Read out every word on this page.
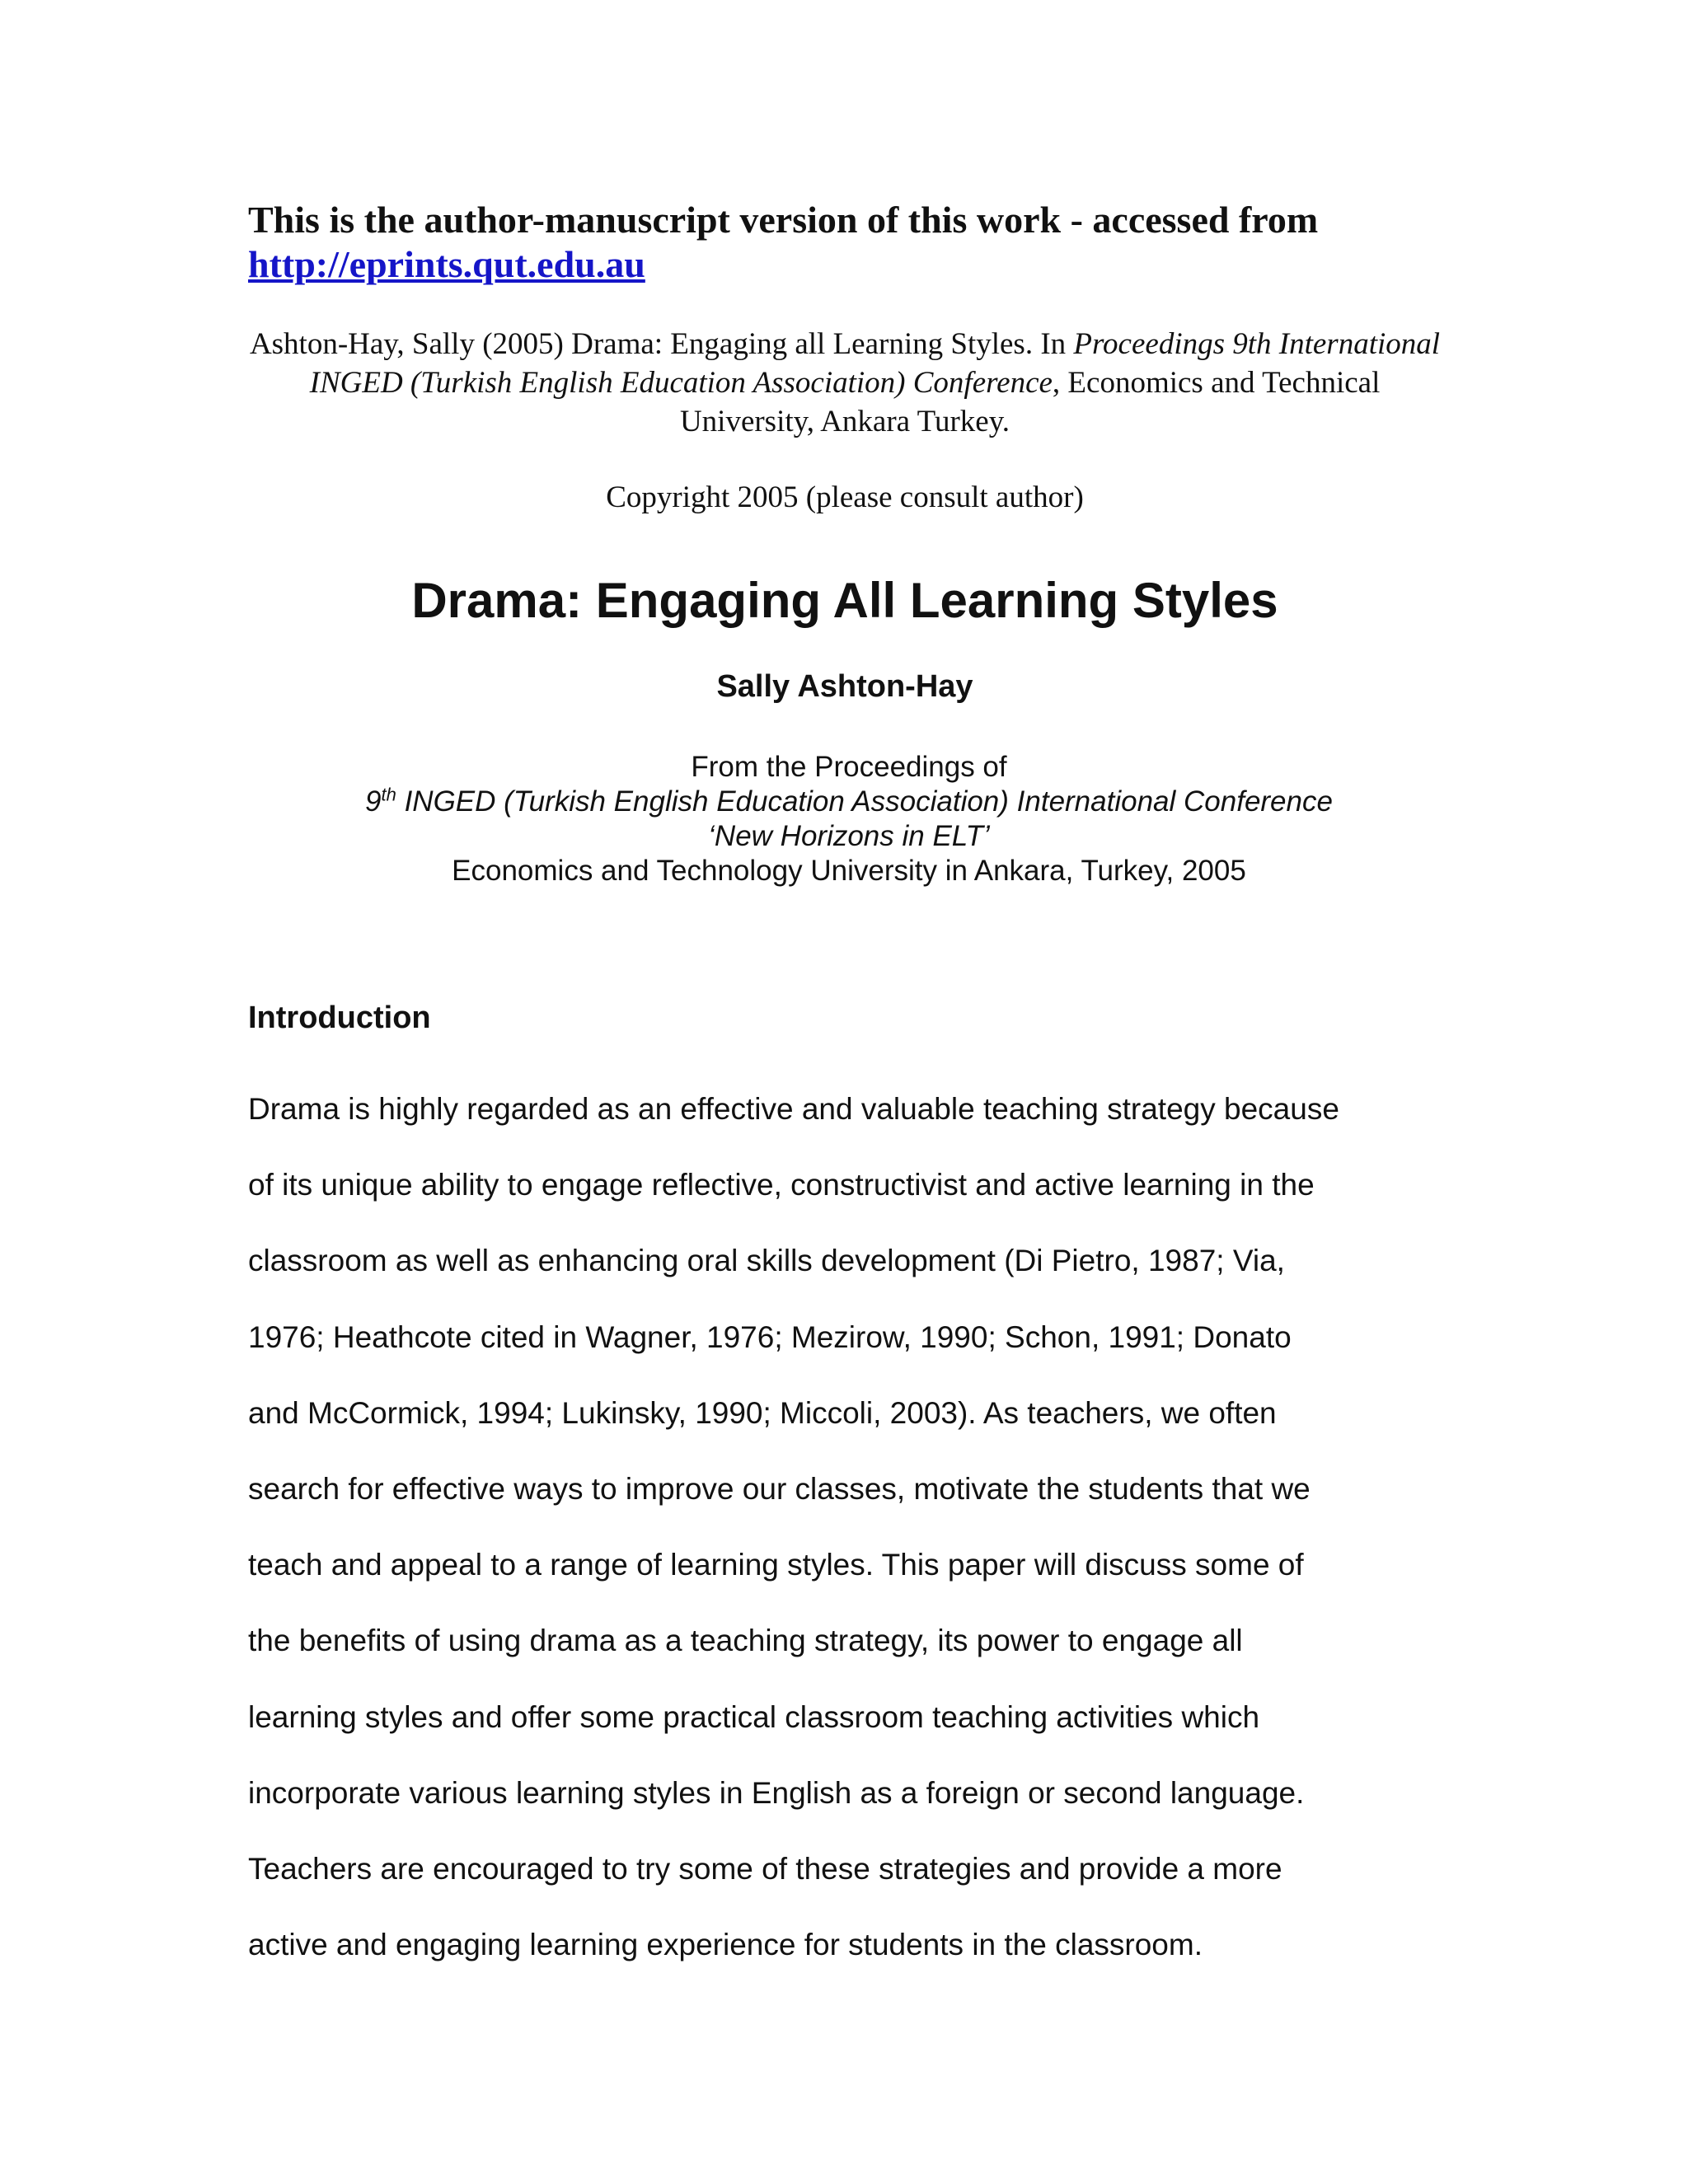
This is the author-manuscript version of this work - accessed from
http://eprints.qut.edu.au
Ashton-Hay, Sally (2005) Drama: Engaging all Learning Styles. In Proceedings 9th International INGED (Turkish English Education Association) Conference, Economics and Technical University, Ankara Turkey.
Copyright 2005 (please consult author)
Drama: Engaging All Learning Styles
Sally Ashton-Hay
From the Proceedings of
9th INGED (Turkish English Education Association) International Conference
‘New Horizons in ELT’
Economics and Technology University in Ankara, Turkey, 2005
Introduction
Drama is highly regarded as an effective and valuable teaching strategy because
of its unique ability to engage reflective, constructivist and active learning in the
classroom as well as enhancing oral skills development (Di Pietro, 1987; Via,
1976; Heathcote cited in Wagner, 1976; Mezirow, 1990; Schon, 1991; Donato
and McCormick, 1994; Lukinsky, 1990; Miccoli, 2003). As teachers, we often
search for effective ways to improve our classes, motivate the students that we
teach and appeal to a range of learning styles. This paper will discuss some of
the benefits of using drama as a teaching strategy, its power to engage all
learning styles and offer some practical classroom teaching activities which
incorporate various learning styles in English as a foreign or second language.
Teachers are encouraged to try some of these strategies and provide a more
active and engaging learning experience for students in the classroom.
